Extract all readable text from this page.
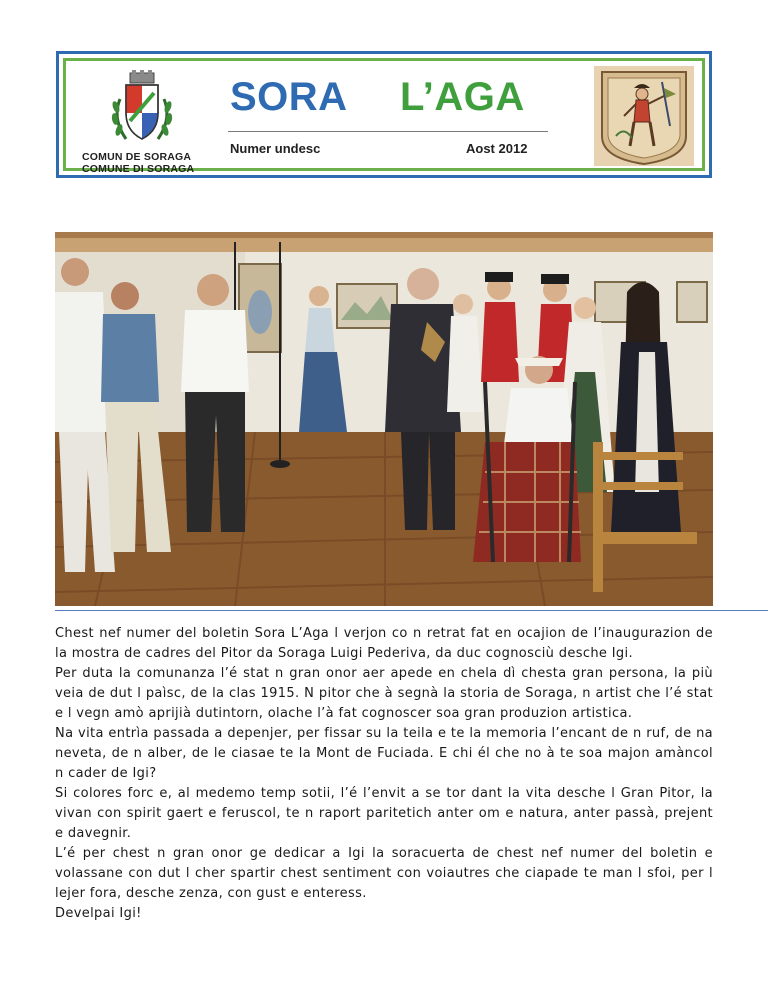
COMUN DE SORAGA
COMUNE DI SORAGA
SORA L’AGA
Numer undesc	Aost 2012

Chest nef numer del boletin Sora L’Aga l verjon co n retrat fat en ocajion de l’inaugurazion de la mostra de cadres del Pitor da Soraga Luigi Pederiva, da duc cognosciù desche Igi.

Per duta la comunanza l’é stat n gran onor aer apede en chela dì chesta gran persona, la più veia de dut l paìsc, de la clas 1915. N pitor che à segnà la storia de Soraga, n artist che l’é stat e l vegn amò aprijià dutintorn, olache l’à fat cognoscer soa gran produzion artistica.

Na vita entrìa passada a depenjer, per fissar su la teila e te la memoria l’encant de n ruf, de na neveta, de n alber, de le ciasae te la Mont de Fuciada. E chi él che no à te soa majon amàncol n cader de Igi?

Si colores forc e, al medemo temp sotii, l’é l’envit a se tor dant la vita desche l Gran Pitor, la vivan con spirit gaert e feruscol, te n raport paritetich anter om e natura, anter passà, prejent e davegnir.

L’é per chest n gran onor ge dedicar a Igi la soracuerta de chest nef numer del boletin e volassane con dut l cher spartir chest sentiment con voiautres che ciapade te man l sfoi, per l lejer fora, desche zenza, con gust e enteress.

Develpai Igi!
